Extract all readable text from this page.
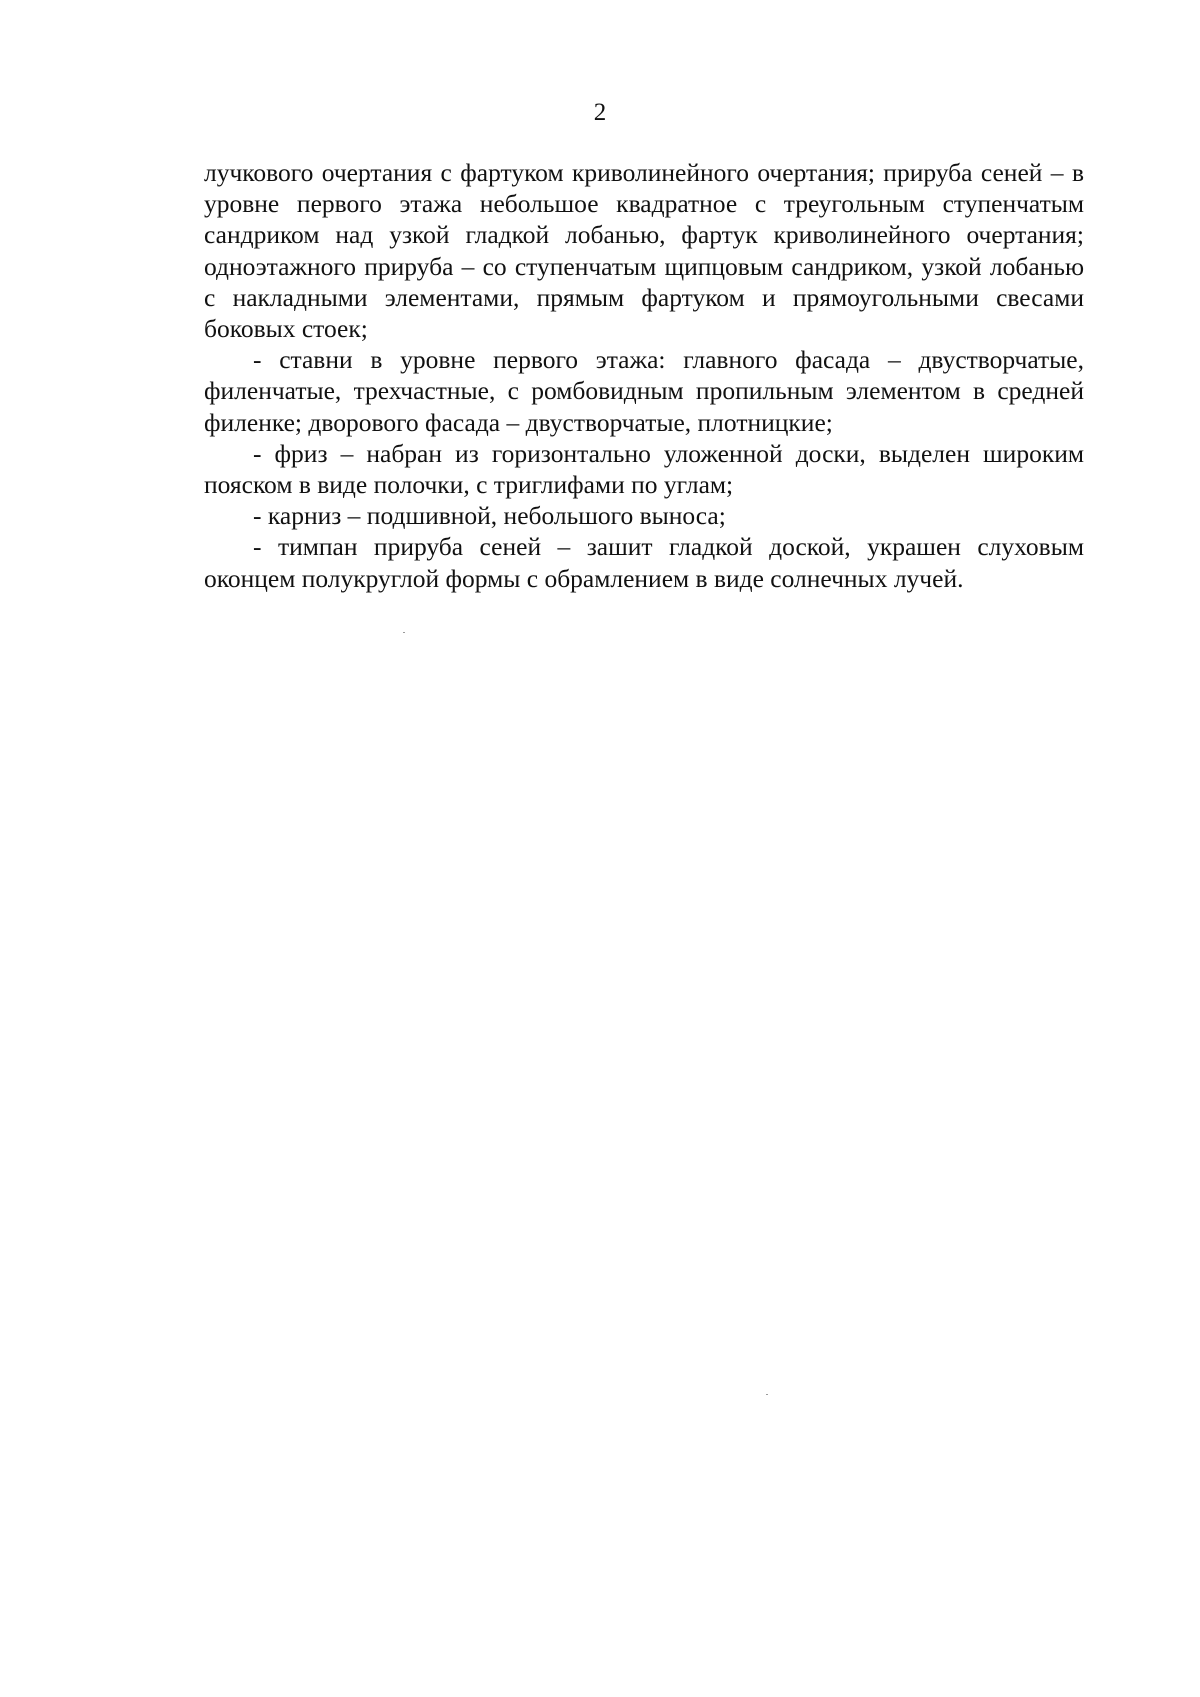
2

лучкового очертания с фартуком криволинейного очертания; прируба сеней – в уровне первого этажа небольшое квадратное с треугольным ступенчатым сандриком над узкой гладкой лобанью, фартук криволинейного очертания; одноэтажного прируба – со ступенчатым щипцовым сандриком, узкой лобанью с накладными элементами, прямым фартуком и прямоугольными свесами боковых стоек;

- ставни в уровне первого этажа: главного фасада – двустворчатые, филенчатые, трехчастные, с ромбовидным пропильным элементом в средней филенке; дворового фасада – двустворчатые, плотницкие;

- фриз – набран из горизонтально уложенной доски, выделен широким пояском в виде полочки, с триглифами по углам;

- карниз – подшивной, небольшого выноса;

- тимпан прируба сеней – зашит гладкой доской, украшен слуховым оконцем полукруглой формы с обрамлением в виде солнечных лучей.
